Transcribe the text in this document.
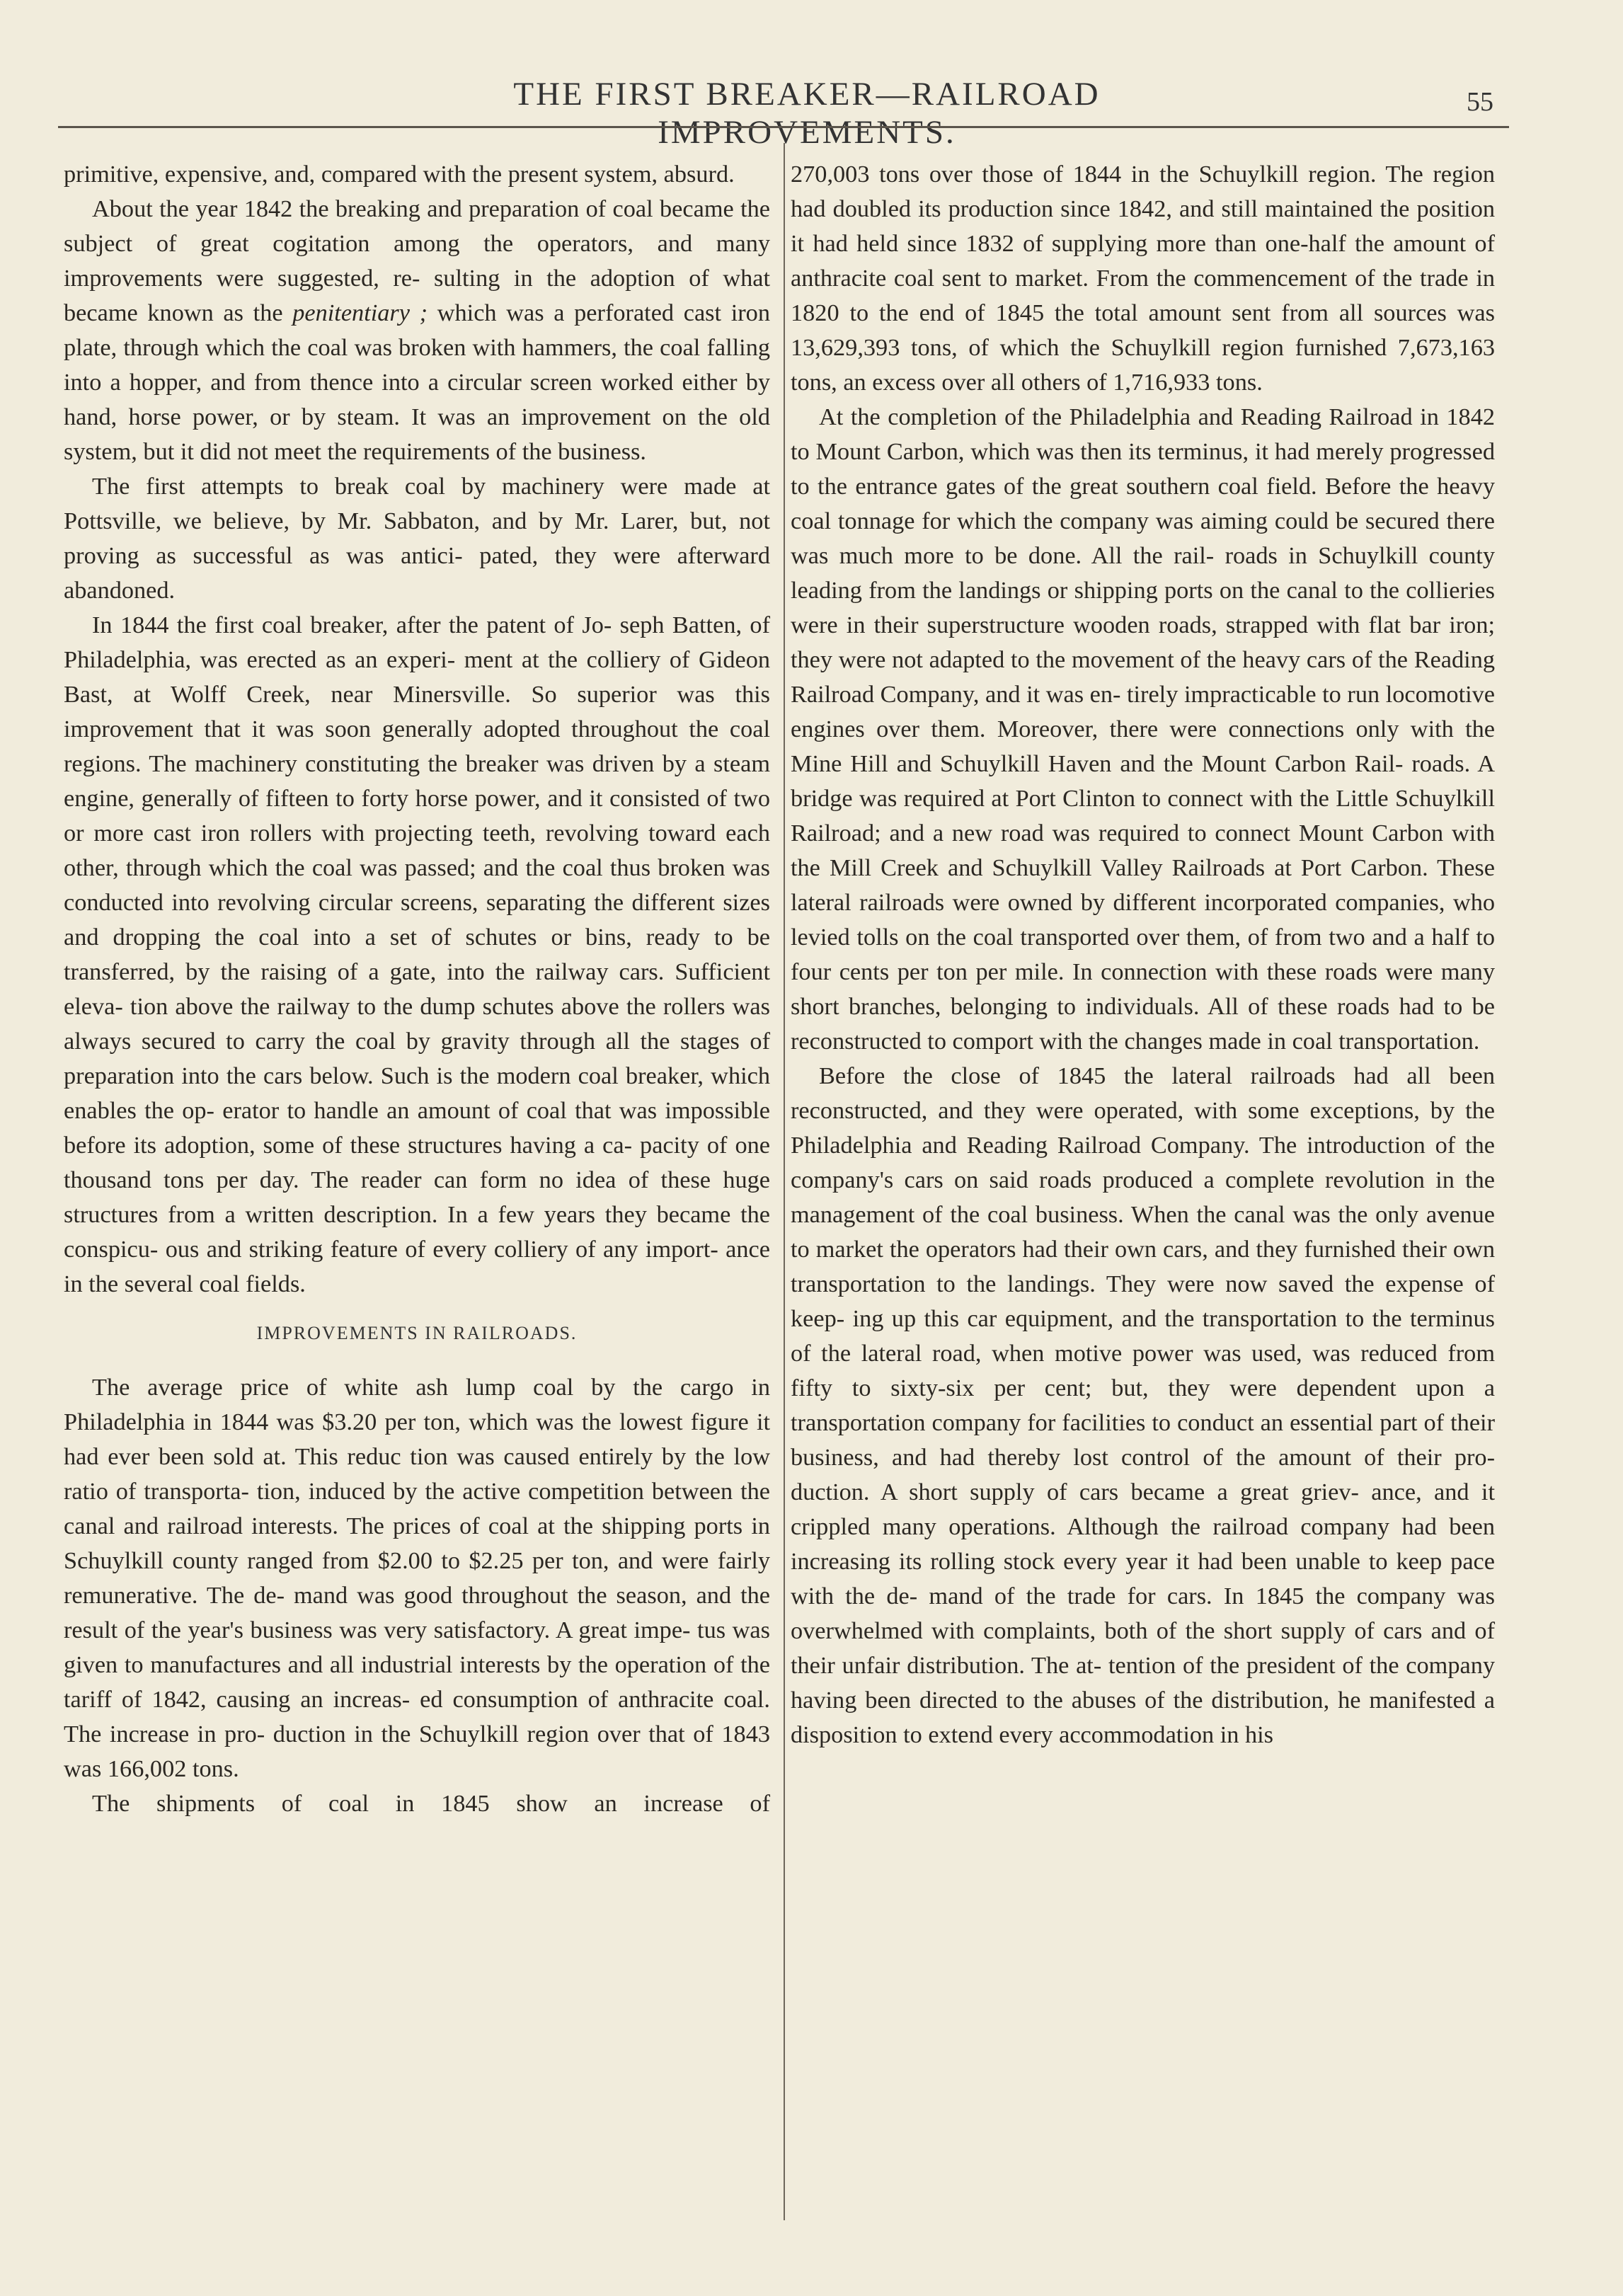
THE FIRST BREAKER—RAILROAD IMPROVEMENTS.
55

primitive, expensive, and, compared with the present system, absurd.

About the year 1842 the breaking and preparation of coal became the subject of great cogitation among the operators, and many improvements were suggested, re- sulting in the adoption of what became known as the penitentiary ; which was a perforated cast iron plate, through which the coal was broken with hammers, the coal falling into a hopper, and from thence into a circular screen worked either by hand, horse power, or by steam. It was an improvement on the old system, but it did not meet the requirements of the business.

The first attempts to break coal by machinery were made at Pottsville, we believe, by Mr. Sabbaton, and by Mr. Larer, but, not proving as successful as was antici- pated, they were afterward abandoned.

In 1844 the first coal breaker, after the patent of Jo- seph Batten, of Philadelphia, was erected as an experi- ment at the colliery of Gideon Bast, at Wolff Creek, near Minersville. So superior was this improvement that it was soon generally adopted throughout the coal regions. The machinery constituting the breaker was driven by a steam engine, generally of fifteen to forty horse power, and it consisted of two or more cast iron rollers with projecting teeth, revolving toward each other, through which the coal was passed; and the coal thus broken was conducted into revolving circular screens, separating the different sizes and dropping the coal into a set of schutes or bins, ready to be transferred, by the raising of a gate, into the railway cars. Sufficient eleva- tion above the railway to the dump schutes above the rollers was always secured to carry the coal by gravity through all the stages of preparation into the cars below. Such is the modern coal breaker, which enables the op- erator to handle an amount of coal that was impossible before its adoption, some of these structures having a ca- pacity of one thousand tons per day. The reader can form no idea of these huge structures from a written description. In a few years they became the conspicu- ous and striking feature of every colliery of any import- ance in the several coal fields.

IMPROVEMENTS IN RAILROADS.

The average price of white ash lump coal by the cargo in Philadelphia in 1844 was $3.20 per ton, which was the lowest figure it had ever been sold at. This reduc tion was caused entirely by the low ratio of transporta- tion, induced by the active competition between the canal and railroad interests. The prices of coal at the shipping ports in Schuylkill county ranged from $2.00 to $2.25 per ton, and were fairly remunerative. The de- mand was good throughout the season, and the result of the year's business was very satisfactory. A great impe- tus was given to manufactures and all industrial interests by the operation of the tariff of 1842, causing an increas- ed consumption of anthracite coal. The increase in pro- duction in the Schuylkill region over that of 1843 was 166,002 tons.

The shipments of coal in 1845 show an increase of

270,003 tons over those of 1844 in the Schuylkill region. The region had doubled its production since 1842, and still maintained the position it had held since 1832 of supplying more than one-half the amount of anthracite coal sent to market. From the commencement of the trade in 1820 to the end of 1845 the total amount sent from all sources was 13,629,393 tons, of which the Schuylkill region furnished 7,673,163 tons, an excess over all others of 1,716,933 tons.

At the completion of the Philadelphia and Reading Railroad in 1842 to Mount Carbon, which was then its terminus, it had merely progressed to the entrance gates of the great southern coal field. Before the heavy coal tonnage for which the company was aiming could be secured there was much more to be done. All the rail- roads in Schuylkill county leading from the landings or shipping ports on the canal to the collieries were in their superstructure wooden roads, strapped with flat bar iron; they were not adapted to the movement of the heavy cars of the Reading Railroad Company, and it was en- tirely impracticable to run locomotive engines over them. Moreover, there were connections only with the Mine Hill and Schuylkill Haven and the Mount Carbon Rail- roads. A bridge was required at Port Clinton to connect with the Little Schuylkill Railroad; and a new road was required to connect Mount Carbon with the Mill Creek and Schuylkill Valley Railroads at Port Carbon. These lateral railroads were owned by different incorporated companies, who levied tolls on the coal transported over them, of from two and a half to four cents per ton per mile. In connection with these roads were many short branches, belonging to individuals. All of these roads had to be reconstructed to comport with the changes made in coal transportation.

Before the close of 1845 the lateral railroads had all been reconstructed, and they were operated, with some exceptions, by the Philadelphia and Reading Railroad Company. The introduction of the company's cars on said roads produced a complete revolution in the management of the coal business. When the canal was the only avenue to market the operators had their own cars, and they furnished their own transportation to the landings. They were now saved the expense of keep- ing up this car equipment, and the transportation to the terminus of the lateral road, when motive power was used, was reduced from fifty to sixty-six per cent; but, they were dependent upon a transportation company for facilities to conduct an essential part of their business, and had thereby lost control of the amount of their pro- duction. A short supply of cars became a great griev- ance, and it crippled many operations. Although the railroad company had been increasing its rolling stock every year it had been unable to keep pace with the de- mand of the trade for cars. In 1845 the company was overwhelmed with complaints, both of the short supply of cars and of their unfair distribution. The at- tention of the president of the company having been directed to the abuses of the distribution, he manifested a disposition to extend every accommodation in his
